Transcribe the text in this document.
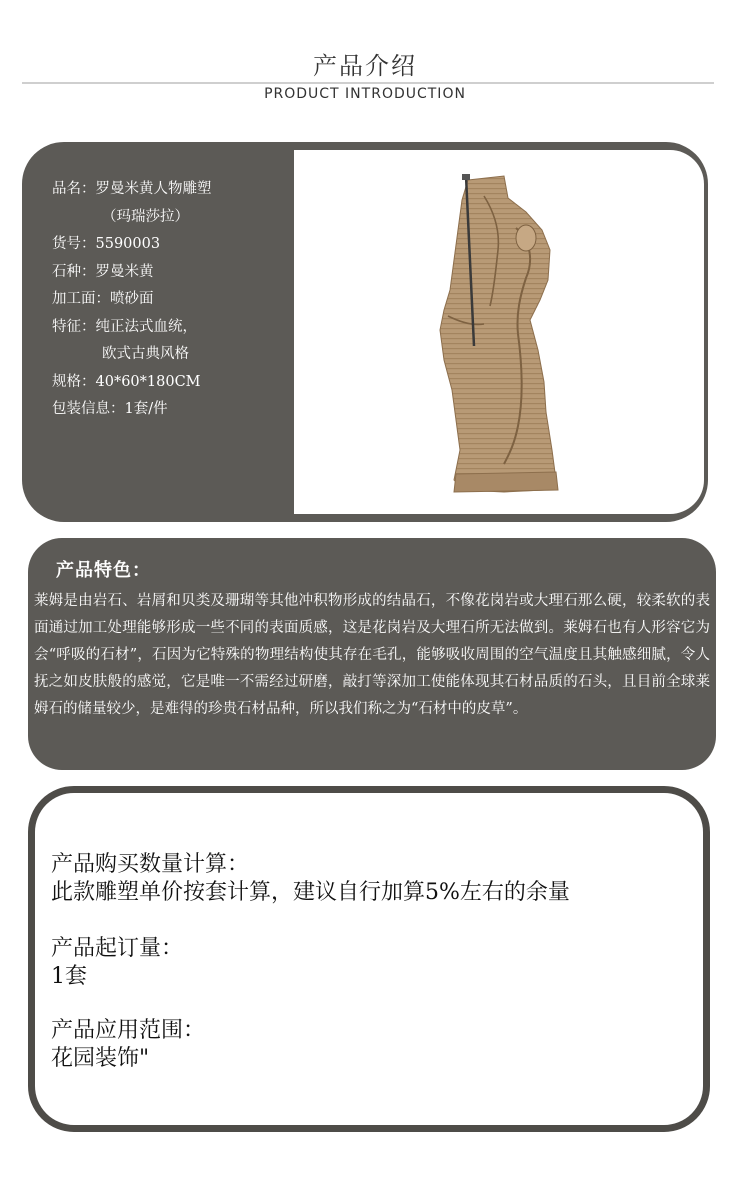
产品介绍
PRODUCT INTRODUCTION
品名： 罗曼米黄人物雕塑
（玛瑞莎拉）
货号： 5590003
石种： 罗曼米黄
加工面： 喷砂面
特征： 纯正法式血统，
欧式古典风格
规格： 40*60*180CM
包装信息： 1套/件
产品特色：
莱姆是由岩石、岩屑和贝类及珊瑚等其他冲积物形成的结晶石，不像花岗岩或大理石那么硬，较柔软的表面通过加工处理能够形成一些不同的表面质感，这是花岗岩及大理石所无法做到。莱姆石也有人形容它为会“呼吸的石材”，石因为它特殊的物理结构使其存在毛孔，能够吸收周围的空气温度且其触感细腻，令人抚之如皮肤般的感觉，它是唯一不需经过研磨，敲打等深加工使能体现其石材品质的石头，且目前全球莱姆石的储量较少，是难得的珍贵石材品种，所以我们称之为“石材中的皮草”。
产品购买数量计算：
此款雕塑单价按套计算，建议自行加算5%左右的余量
产品起订量：
1套
产品应用范围：
花园装饰"
